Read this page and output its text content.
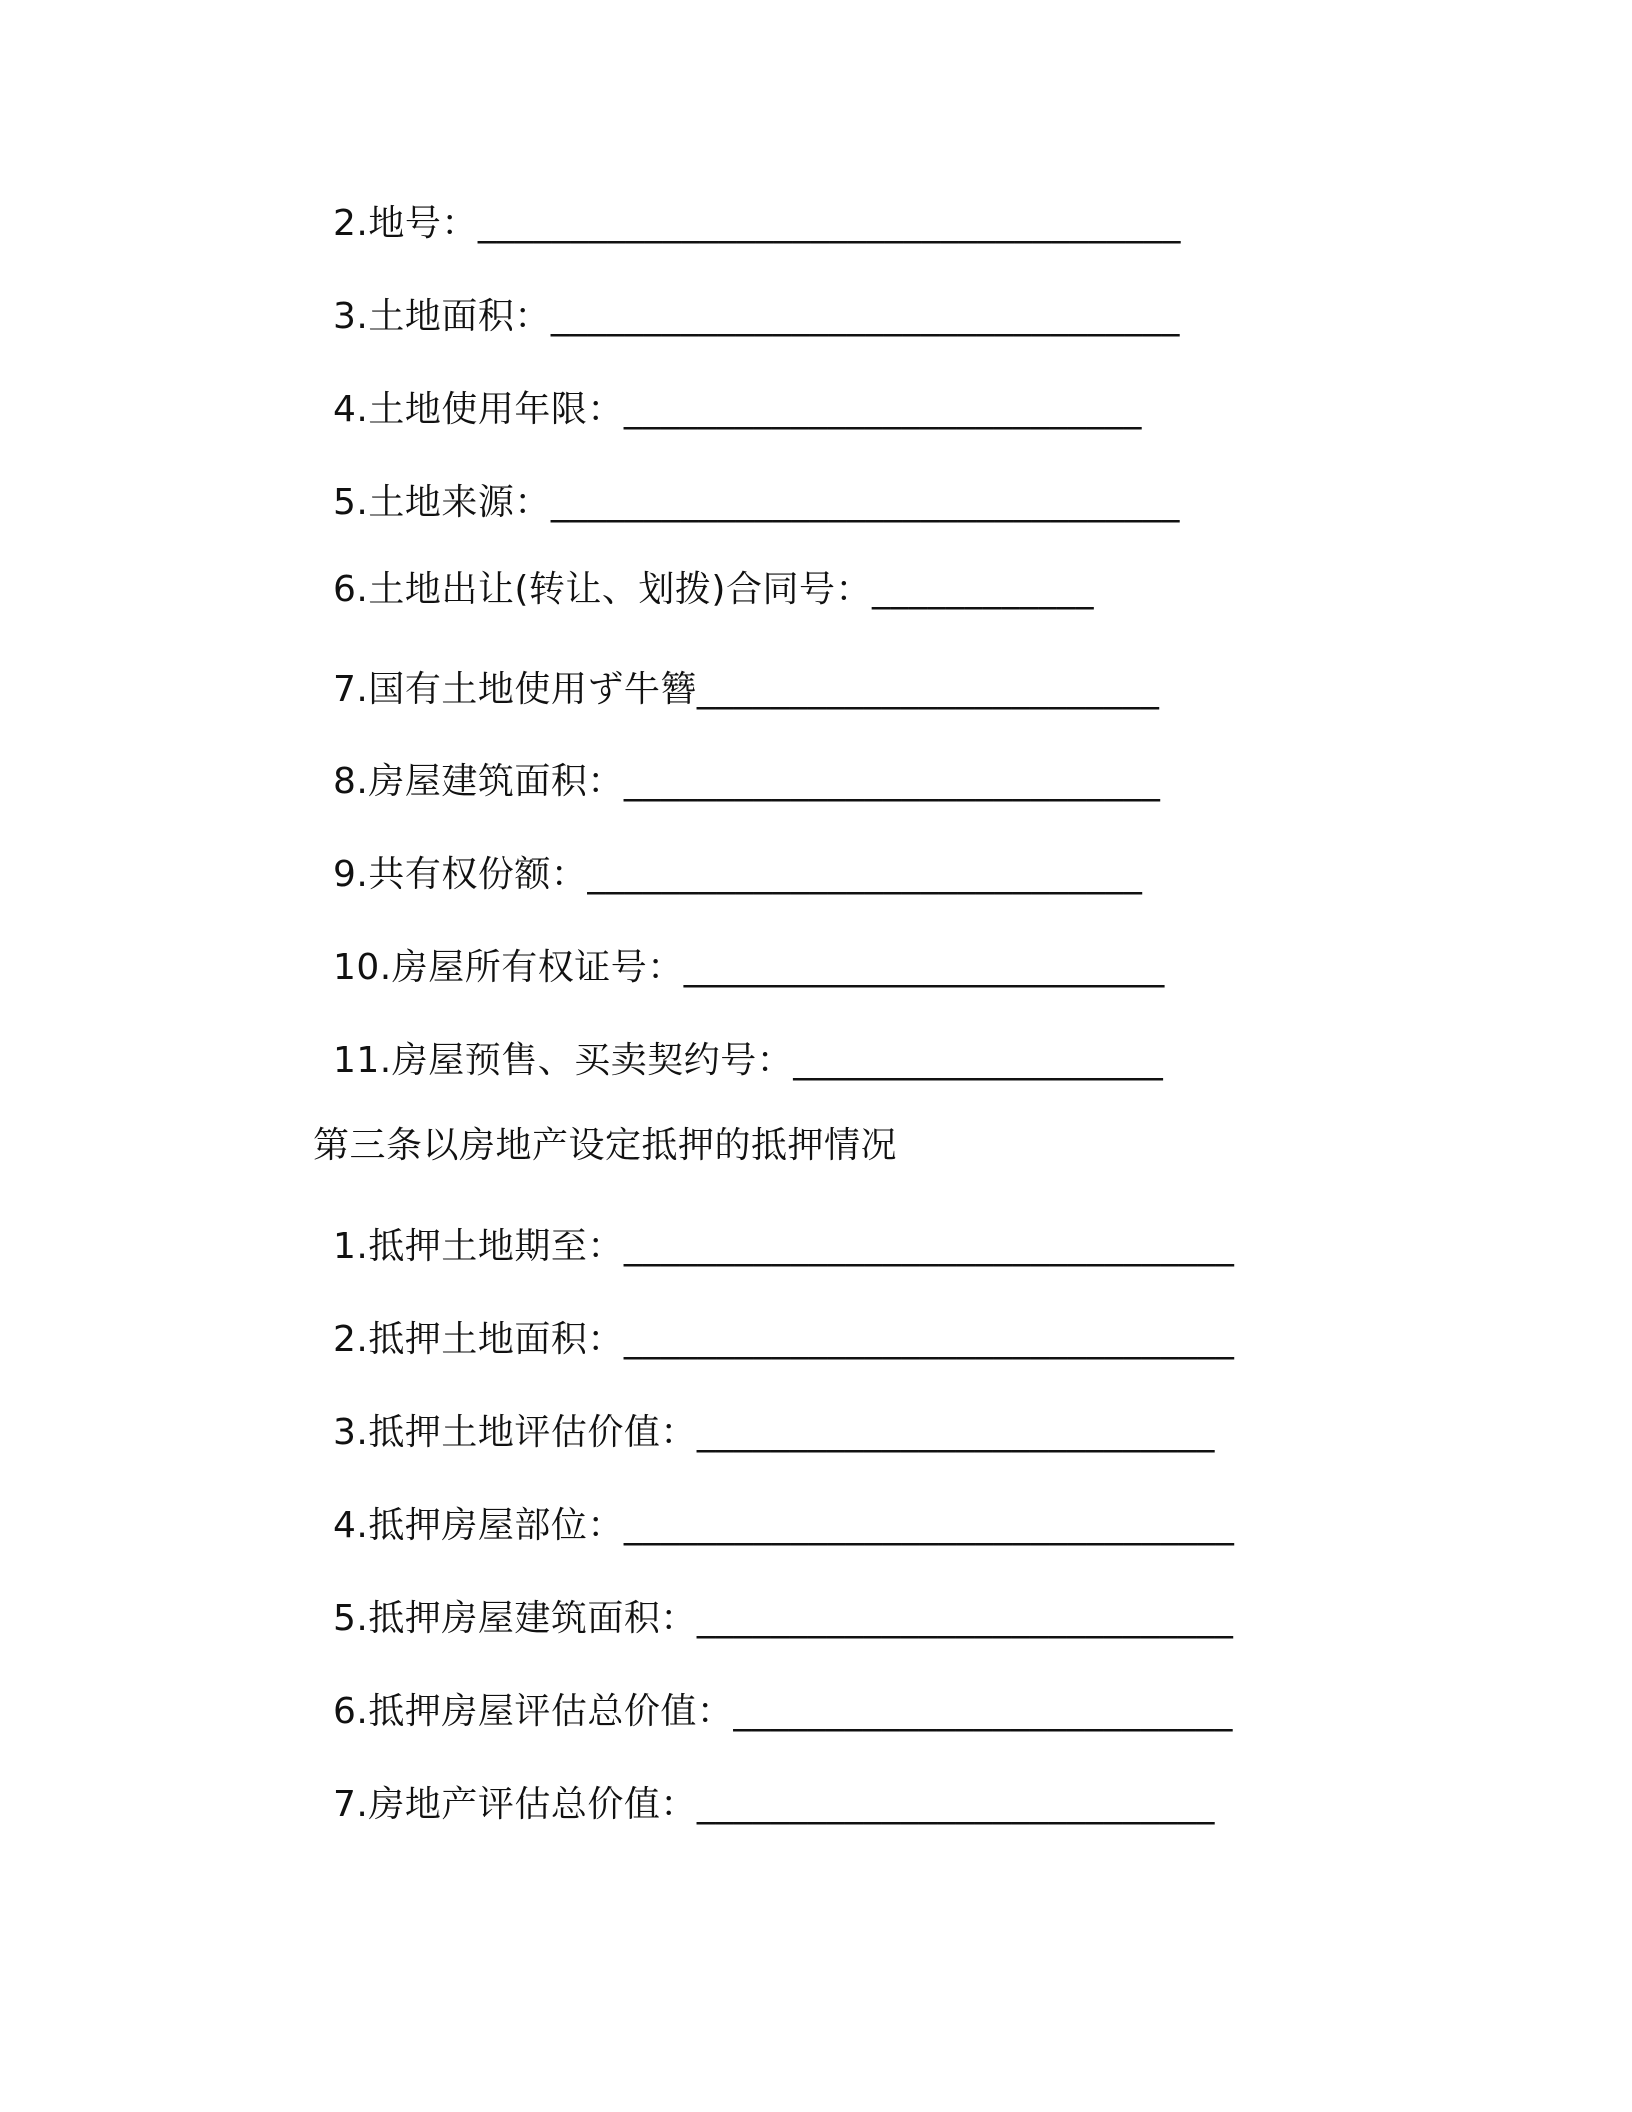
2.地号：______________________________________
3.土地面积：__________________________________
4.土地使用年限：____________________________
5.土地来源：__________________________________
6.土地出让(转让、划拨)合同号：____________
7.国有土地使用ず牛簪_________________________
8.房屋建筑面积：_____________________________
9.共有权份额：______________________________
10.房屋所有权证号：__________________________
11.房屋预售、买卖契约号：____________________
第三条以房地产设定抵押的抵押情况
1.抵押土地期至：_________________________________
2.抵押土地面积：_________________________________
3.抵押土地评估价值：____________________________
4.抵押房屋部位：_________________________________
5.抵押房屋建筑面积：_____________________________
6.抵押房屋评估总价值：___________________________
7.房地产评估总价值：____________________________
